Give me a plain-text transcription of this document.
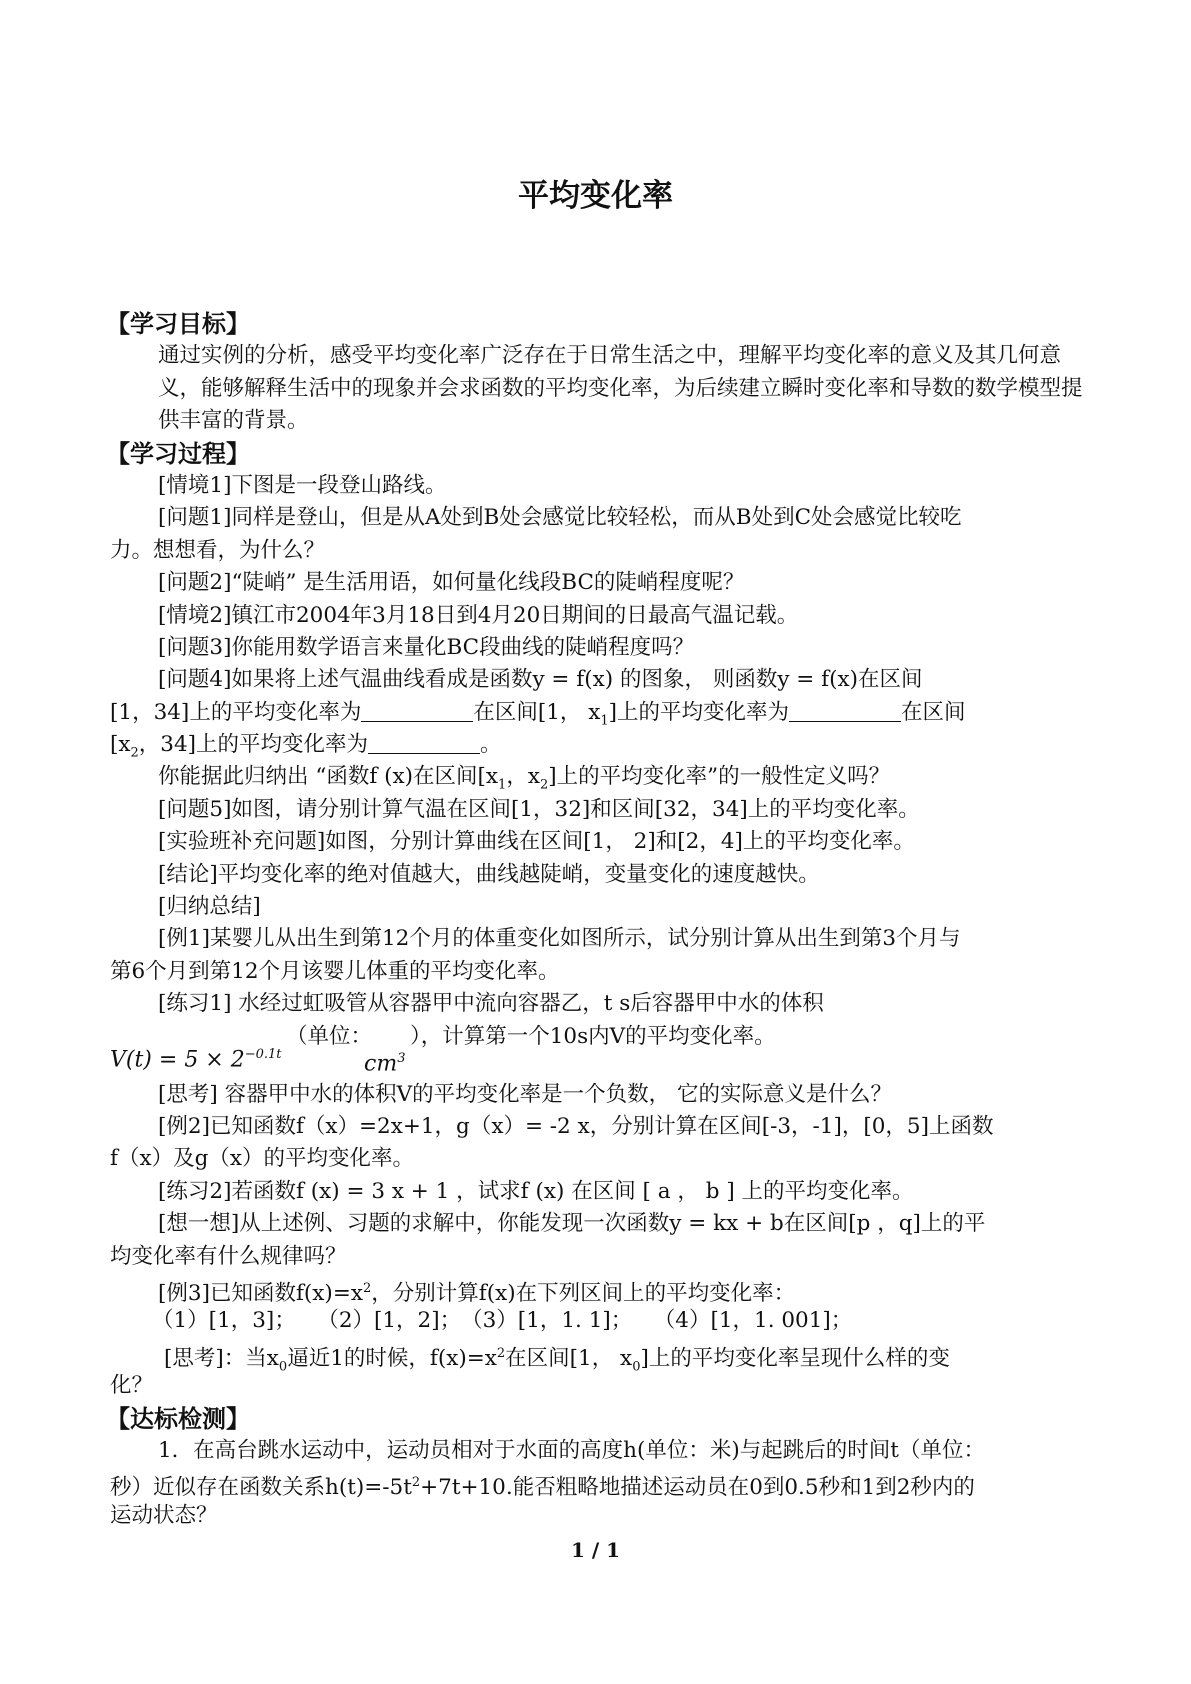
平均变化率
【学习目标】
通过实例的分析，感受平均变化率广泛存在于日常生活之中，理解平均变化率的意义及其几何意义，能够解释生活中的现象并会求函数的平均变化率，为后续建立瞬时变化率和导数的数学模型提供丰富的背景。
【学习过程】
[情境1]下图是一段登山路线。
[问题1]同样是登山，但是从A处到B处会感觉比较轻松，而从B处到C处会感觉比较吃
力。想想看，为什么？
[问题2]“陡峭” 是生活用语，如何量化线段BC的陡峭程度呢？
[情境2]镇江市2004年3月18日到4月20日期间的日最高气温记载。
[问题3]你能用数学语言来量化BC段曲线的陡峭程度吗？
[问题4]如果将上述气温曲线看成是函数y = f(x) 的图象， 则函数y = f(x)在区间
[1，34]上的平均变化率为	在区间[1， $x_1$]上的平均变化率为	在区间
[$x_2$，34]上的平均变化率为	。
你能据此归纳出 “函数f (x)在区间[$x_1$，$x_2$]上的平均变化率”的一般性定义吗？
[问题5]如图，请分别计算气温在区间[1，32]和区间[32，34]上的平均变化率。
[实验班补充问题]如图，分别计算曲线在区间[1， 2]和[2，4]上的平均变化率。
[结论]平均变化率的绝对值越大，曲线越陡峭，变量变化的速度越快。
[归纳总结]
[例1]某婴儿从出生到第12个月的体重变化如图所示，试分别计算从出生到第3个月与
第6个月到第12个月该婴儿体重的平均变化率。
[练习1] 水经过虹吸管从容器甲中流向容器乙，t s后容器甲中水的体积
$V(t) = 5 \times 2^{-0.1t}$
（单位：
$cm^3$
），计算第一个10s内V的平均变化率。
[思考] 容器甲中水的体积V的平均变化率是一个负数， 它的实际意义是什么？
[例2]已知函数f（x）=2x+1，g（x）= -2 x，分别计算在区间[-3，-1]，[0，5]上函数
f（x）及g（x）的平均变化率。
[练习2]若函数f (x) = 3 x + 1 ，试求f (x) 在区间 [ a ， b ] 上的平均变化率。
[想一想]从上述例、习题的求解中，你能发现一次函数y = kx + b在区间[p ，q]上的平
均变化率有什么规律吗？
[例3]已知函数$f(x)=x^2$，分别计算f(x)在下列区间上的平均变化率：
（1）[1，3]；　　（2）[1，2]；　（3）[1，1. 1]；　　（4）[1，1. 001]；
[思考]：当$x_0$逼近1的时候，$f(x)=x^2$在区间[1， $x_0$]上的平均变化率呈现什么样的变
化？
【达标检测】
1．在高台跳水运动中，运动员相对于水面的高度h(单位：米)与起跳后的时间t（单位：
秒）近似存在函数关系$h(t)=-5t^2+7t+10$.能否粗略地描述运动员在0到0.5秒和1到2秒内的
运动状态？
1 / 1
